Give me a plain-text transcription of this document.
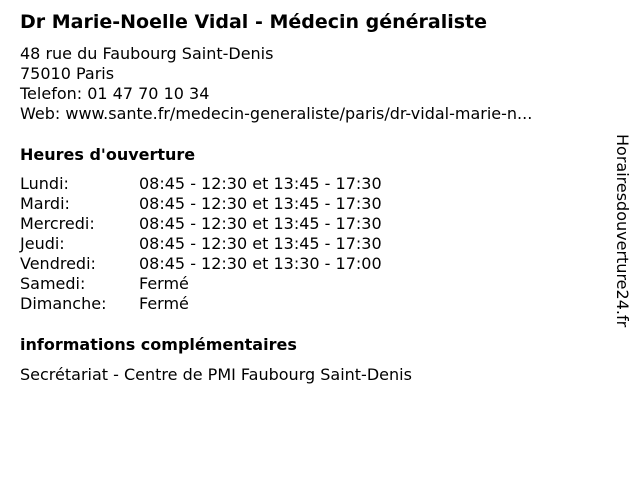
Dr Marie-Noelle Vidal - Médecin généraliste
48 rue du Faubourg Saint-Denis
75010 Paris
Telefon: 01 47 70 10 34
Web: www.sante.fr/medecin-generaliste/paris/dr-vidal-marie-n...
Heures d'ouverture
Lundi:	08:45 - 12:30 et 13:45 - 17:30
Mardi:	08:45 - 12:30 et 13:45 - 17:30
Mercredi:	08:45 - 12:30 et 13:45 - 17:30
Jeudi:	08:45 - 12:30 et 13:45 - 17:30
Vendredi:	08:45 - 12:30 et 13:30 - 17:00
Samedi:	Fermé
Dimanche:	Fermé
informations complémentaires
Secrétariat - Centre de PMI Faubourg Saint-Denis
Horairesdouverture24.fr
